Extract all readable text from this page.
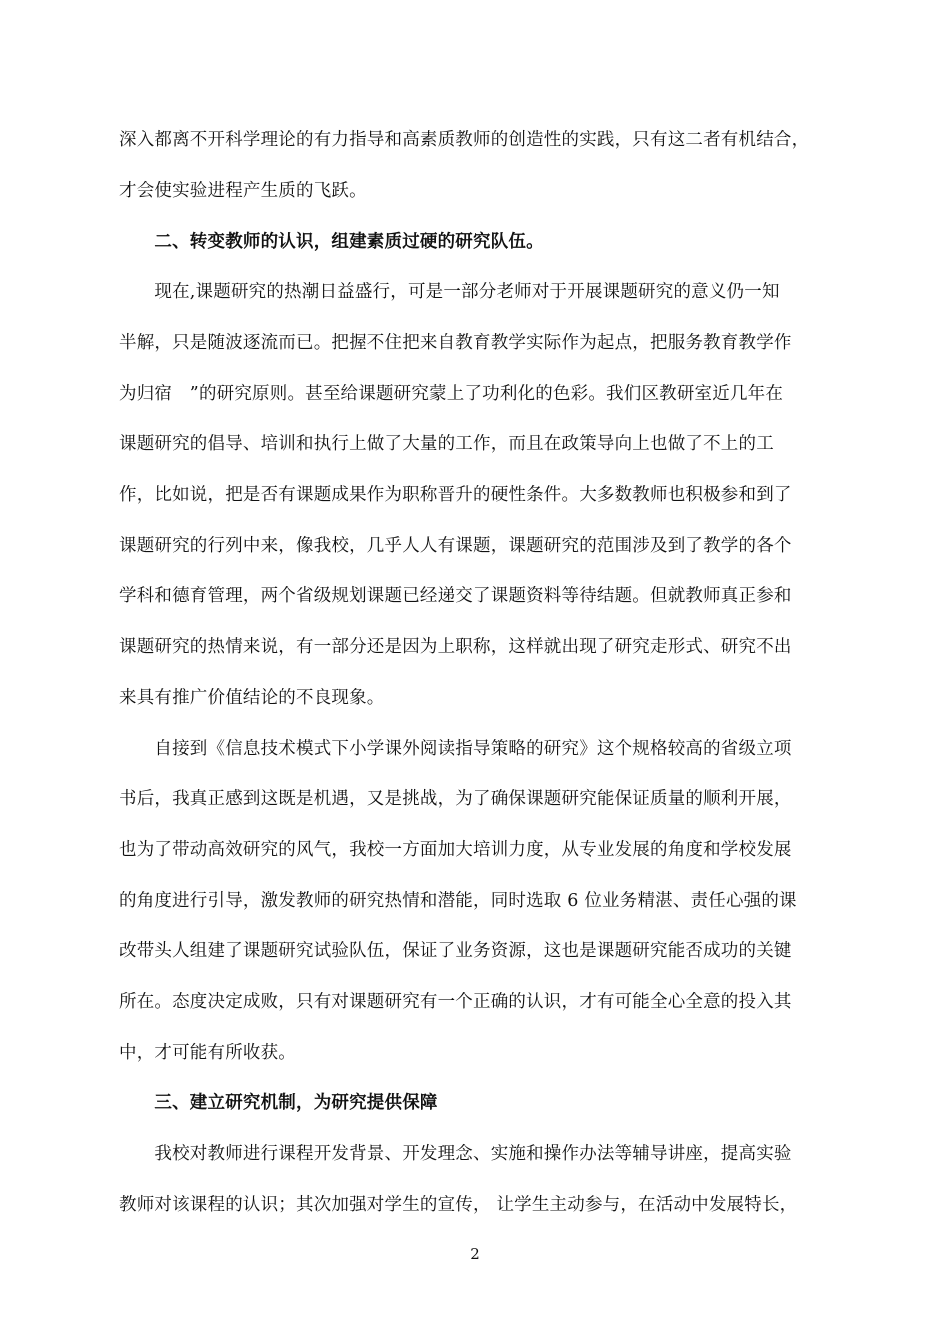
深入都离不开科学理论的有力指导和高素质教师的创造性的实践，只有这二者有机结合，
才会使实验进程产生质的飞跃。
　　二、转变教师的认识，组建素质过硬的研究队伍。
　　现在,课题研究的热潮日益盛行，可是一部分老师对于开展课题研究的意义仍一知
半解，只是随波逐流而已。把握不住把来自教育教学实际作为起点，把服务教育教学作
为归宿　”的研究原则。甚至给课题研究蒙上了功利化的色彩。我们区教研室近几年在
课题研究的倡导、培训和执行上做了大量的工作，而且在政策导向上也做了不上的工
作，比如说，把是否有课题成果作为职称晋升的硬性条件。大多数教师也积极参和到了
课题研究的行列中来，像我校，几乎人人有课题，课题研究的范围涉及到了教学的各个
学科和德育管理，两个省级规划课题已经递交了课题资料等待结题。但就教师真正参和
课题研究的热情来说，有一部分还是因为上职称，这样就出现了研究走形式、研究不出
来具有推广价值结论的不良现象。
　　自接到《信息技术模式下小学课外阅读指导策略的研究》这个规格较高的省级立项
书后，我真正感到这既是机遇，又是挑战，为了确保课题研究能保证质量的顺利开展，
也为了带动高效研究的风气，我校一方面加大培训力度，从专业发展的角度和学校发展
的角度进行引导，激发教师的研究热情和潜能，同时选取 6 位业务精湛、责任心强的课
改带头人组建了课题研究试验队伍，保证了业务资源，这也是课题研究能否成功的关键
所在。态度决定成败，只有对课题研究有一个正确的认识，才有可能全心全意的投入其
中，才可能有所收获。
　　三、建立研究机制，为研究提供保障
　　我校对教师进行课程开发背景、开发理念、实施和操作办法等辅导讲座，提高实验
教师对该课程的认识；其次加强对学生的宣传， 让学生主动参与，在活动中发展特长，
2
